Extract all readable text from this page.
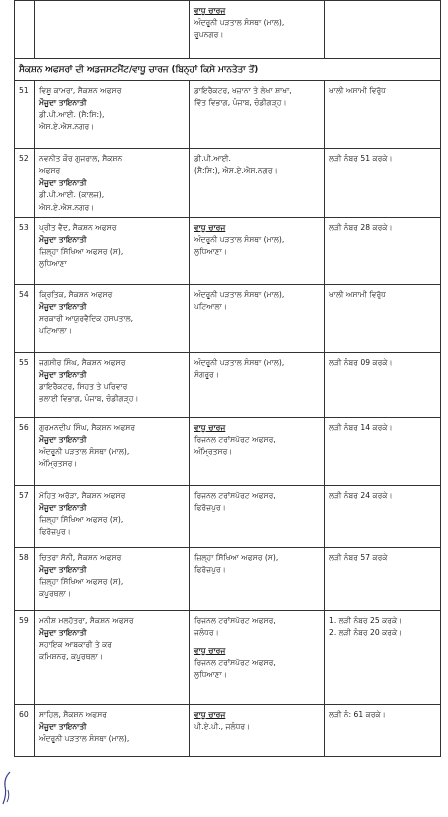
		ਵਾਧੂ ਚਾਰਜ
ਅੰਦਰੂਨੀ ਪੜਤਾਲ ਸੰਸਥਾ (ਮਾਲ),
ਰੂਪਨਗਰ।	

ਸੈਕਸ਼ਨ ਅਫਸਰਾਂ ਦੀ ਅਡਜਸਟਮੈਂਟ/ਵਾਧੂ ਚਾਰਜ (ਬਿਨ੍ਹਾਂ ਕਿਸੇ ਮਾਨਤੇਤਾ ਤੋਂ)			

51	ਵਿਸ਼ੂ ਕਾਮਰਾ, ਸੈਕਸ਼ਨ ਅਫਸਰ
ਮੌਜੂਦਾ ਤਾਇਨਾਤੀ
ਡੀ.ਪੀ.ਆਈ. (ਸੈ:ਸਿ:),
ਐਸ.ਏ.ਐਸ.ਨਗਰ।	ਡਾਇਰੈਕਟਰ, ਖਜ਼ਾਨਾ ਤੇ ਲੇਖਾ ਸ਼ਾਖਾ,
ਵਿੱਤ ਵਿਭਾਗ, ਪੰਜਾਬ, ਚੰਡੀਗੜ੍ਹ।	ਖਾਲੀ ਅਸਾਮੀ ਵਿਰੁੱਧ

52	ਨਵਨੀਤ ਕੌਰ ਗੁਜਰਾਲ, ਸੈਕਸ਼ਨ
ਅਫਸਰ
ਮੌਜੂਦਾ ਤਾਇਨਾਤੀ
ਡੀ.ਪੀ.ਆਈ. (ਕਾਲਜ),
ਐਸ.ਏ.ਐਸ.ਨਗਰ।	ਡੀ.ਪੀ.ਆਈ.
(ਸੈ:ਸਿ:), ਐਸ.ਏ.ਐਸ.ਨਗਰ।	ਲੜੀ ਨੰਬਰ 51 ਕਰਕੇ।

53	ਪ੍ਰੀਤ ਵੈਦ, ਸੈਕਸ਼ਨ ਅਫਸਰ
ਮੌਜੂਦਾ ਤਾਇਨਾਤੀ
ਜ਼ਿਲ੍ਹਾ ਸਿੱਖਿਆ ਅਫਸਰ (ਸ),
ਲੁਧਿਆਣਾ	ਵਾਧੂ ਚਾਰਜ
ਅੰਦਰੂਨੀ ਪੜਤਾਲ ਸੰਸਥਾ (ਮਾਲ),
ਲੁਧਿਆਣਾ।	ਲੜੀ ਨੰਬਰ 28 ਕਰਕੇ।

54	ਕ੍ਰਿਤਿਕ, ਸੈਕਸ਼ਨ ਅਫਸਰ
ਮੌਜੂਦਾ ਤਾਇਨਾਤੀ
ਸਰਕਾਰੀ ਆਯੁਰਵੈਦਿਕ ਹਸਪਤਾਲ,
ਪਟਿਆਲਾ।	ਅੰਦਰੂਨੀ ਪੜਤਾਲ ਸੰਸਥਾ (ਮਾਲ),
ਪਟਿਆਲਾ।	ਖਾਲੀ ਅਸਾਮੀ ਵਿਰੁੱਧ

55	ਜਗਸੀਰ ਸਿੰਘ, ਸੈਕਸ਼ਨ ਅਫਸਰ
ਮੌਜੂਦਾ ਤਾਇਨਾਤੀ
ਡਾਇਰੈਕਟਰ, ਸਿਹਤ ਤੇ ਪਰਿਵਾਰ
ਭਲਾਈ ਵਿਭਾਗ, ਪੰਜਾਬ, ਚੰਡੀਗੜ੍ਹ।	ਅੰਦਰੂਨੀ ਪੜਤਾਲ ਸੰਸਥਾ (ਮਾਲ),
ਸੰਗਰੂਰ।	ਲੜੀ ਨੰਬਰ 09 ਕਰਕੇ।

56	ਗੁਰਮਨਦੀਪ ਸਿੰਘ, ਸੈਕਸ਼ਨ ਅਫਸਰ
ਮੌਜੂਦਾ ਤਾਇਨਾਤੀ
ਅੰਦਰੂਨੀ ਪੜਤਾਲ ਸੰਸਥਾ (ਮਾਲ),
ਅੰਮ੍ਰਿਤਸਰ।	ਵਾਧੂ ਚਾਰਜ
ਰਿਜਨਲ ਟਰਾਂਸਪੋਰਟ ਅਫਸਰ,
ਅੰਮ੍ਰਿਤਸਰ।	ਲੜੀ ਨੰਬਰ 14 ਕਰਕੇ।

57	ਮੋਹਿਤ ਅਰੋੜਾ, ਸੈਕਸ਼ਨ ਅਫਸਰ
ਮੌਜੂਦਾ ਤਾਇਨਾਤੀ
ਜ਼ਿਲ੍ਹਾ ਸਿੱਖਿਆ ਅਫਸਰ (ਸ),
ਫਿਰੋਜ਼ਪੁਰ।	ਰਿਜਨਲ ਟਰਾਂਸਪੋਰਟ ਅਫਸਰ,
ਫਿਰੋਜ਼ਪੁਰ।	ਲੜੀ ਨੰਬਰ 24 ਕਰਕੇ।

58	ਚਿਤਰਾ ਸੋਨੀ, ਸੈਕਸ਼ਨ ਅਫਸਰ
ਮੌਜੂਦਾ ਤਾਇਨਾਤੀ
ਜ਼ਿਲ੍ਹਾ ਸਿੱਖਿਆ ਅਫਸਰ (ਸ),
ਕਪੂਰਥਲਾ।	ਜ਼ਿਲ੍ਹਾ ਸਿੱਖਿਆ ਅਫਸਰ (ਸ),
ਫਿਰੋਜ਼ਪੁਰ।	ਲੜੀ ਨੰਬਰ 57 ਕਰਕੇ

59	ਮਨੀਸ਼ ਮਲਹੋਤਰਾ, ਸੈਕਸ਼ਨ ਅਫਸਰ
ਮੌਜੂਦਾ ਤਾਇਨਾਤੀ
ਸਹਾਇਕ ਆਬਕਾਰੀ ਤੇ ਕਰ
ਕਮਿਸ਼ਨਰ, ਕਪੂਰਥਲਾ।	ਰਿਜਨਲ ਟਰਾਂਸਪੋਰਟ ਅਫਸਰ,
ਜਲੰਧਰ।
ਵਾਧੂ ਚਾਰਜ
ਰਿਜਨਲ ਟਰਾਂਸਪੋਰਟ ਅਫਸਰ,
ਲੁਧਿਆਣਾ।	1. ਲੜੀ ਨੰਬਰ 25 ਕਰਕੇ।
2. ਲੜੀ ਨੰਬਰ 20 ਕਰਕੇ।

60	ਸਾਹਿਲ, ਸੈਕਸ਼ਨ ਅਫਸਰ
ਮੌਜੂਦਾ ਤਾਇਨਾਤੀ
ਅੰਦਰੂਨੀ ਪੜਤਾਲ ਸੰਸਥਾ (ਮਾਲ),	ਵਾਧੂ ਚਾਰਜ
ਪੀ.ਏ.ਪੀ., ਜਲੰਧਰ।	ਲੜੀ ਨੰ: 61 ਕਰਕੇ।
